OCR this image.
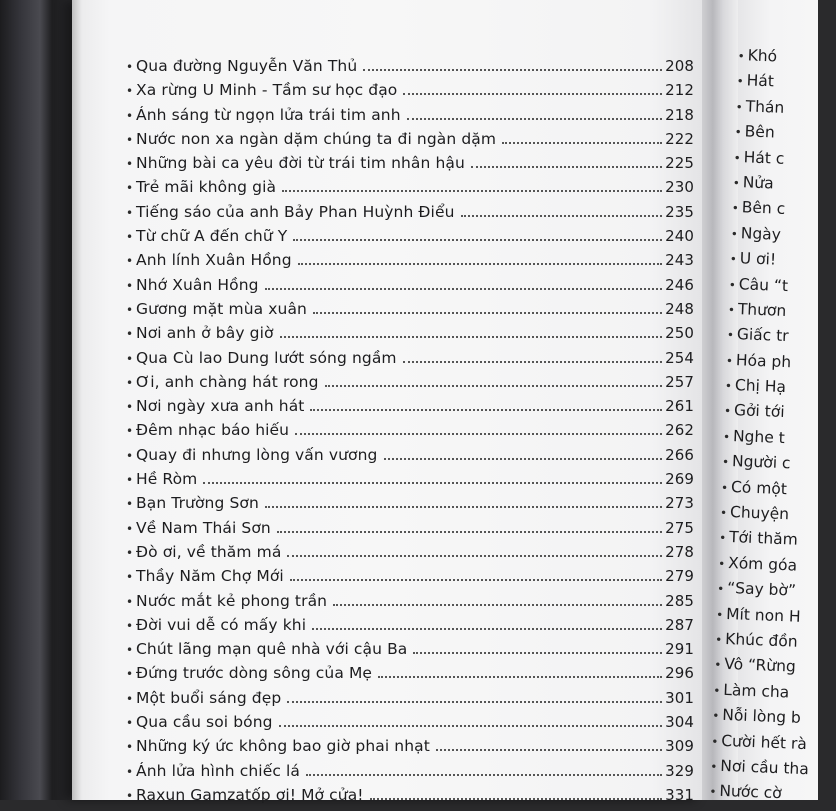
• Qua đường Nguyễn Văn Thủ	208
• Xa rừng U Minh - Tầm sư học đạo	212
• Ánh sáng từ ngọn lửa trái tim anh	218
• Nước non xa ngàn dặm chúng ta đi ngàn dặm	222
• Những bài ca yêu đời từ trái tim nhân hậu	225
• Trẻ mãi không già	230
• Tiếng sáo của anh Bảy Phan Huỳnh Điểu	235
• Từ chữ A đến chữ Y	240
• Anh lính Xuân Hồng	243
• Nhớ Xuân Hồng	246
• Gương mặt mùa xuân	248
• Nơi anh ở bây giờ	250
• Qua Cù lao Dung lướt sóng ngầm	254
• Ơi, anh chàng hát rong	257
• Nơi ngày xưa anh hát	261
• Đêm nhạc báo hiếu	262
• Quay đi nhưng lòng vấn vương	266
• Hề Ròm	269
• Bạn Trường Sơn	273
• Về Nam Thái Sơn	275
• Đò ơi, về thăm má	278
• Thầy Năm Chợ Mới	279
• Nước mắt kẻ phong trần	285
• Đời vui dễ có mấy khi	287
• Chút lãng mạn quê nhà với cậu Ba	291
• Đứng trước dòng sông của Mẹ	296
• Một buổi sáng đẹp	301
• Qua cầu soi bóng	304
• Những ký ức không bao giờ phai nhạt	309
• Ánh lửa hình chiếc lá	329
• Raxun Gamzatốp ơi! Mở cửa!	331
• Khó
• Hát
• Thán
• Bên
• Hát c
• Nửa
• Bên c
• Ngày
• U ơi!
• Câu “t
• Thươn
• Giấc tr
• Hóa ph
• Chị Hạ
• Gởi tới
• Nghe t
• Người c
• Có một
• Chuyện
• Tới thăm
• Xóm góa
• “Say bờ”
• Mít non H
• Khúc đồn
• Vô “Rừng
• Làm cha
• Nỗi lòng b
• Cười hết rà
• Nơi cầu tha
• Nước cờ
